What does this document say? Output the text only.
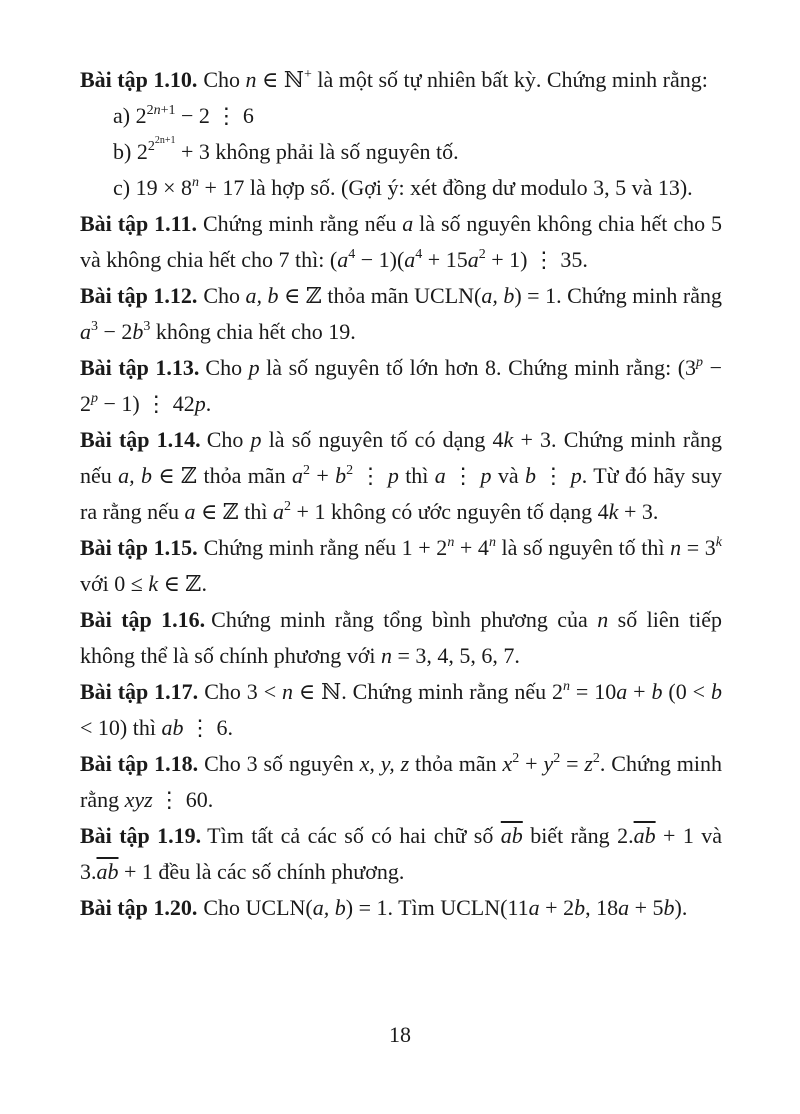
Bài tập 1.10. Cho n ∈ ℕ+ là một số tự nhiên bất kỳ. Chứng minh rằng:

a) $2^{2n+1} - 2$ ⋮ 6

b) $2^{22n+1} + 3$ không phải là số nguyên tố.

c) $19 \times 8^n + 17$ là hợp số. (Gợi ý: xét đồng dư modulo 3, 5 và 13).

Bài tập 1.11. Chứng minh rằng nếu a là số nguyên không chia hết cho 5 và không chia hết cho 7 thì: $(a^4 - 1)(a^4 + 15a^2 + 1)$ ⋮ 35.

Bài tập 1.12. Cho a, b ∈ ℤ thỏa mãn UCLN(a, b) = 1. Chứng minh rằng $a^3 - 2b^3$ không chia hết cho 19.

Bài tập 1.13. Cho p là số nguyên tố lớn hơn 8. Chứng minh rằng: $(3^p - 2^p - 1)$ ⋮ 42p.

Bài tập 1.14. Cho p là số nguyên tố có dạng 4k + 3. Chứng minh rằng nếu a, b ∈ ℤ thỏa mãn $a^2 + b^2$ ⋮ p thì a ⋮ p và b ⋮ p. Từ đó hãy suy ra rằng nếu a ∈ ℤ thì $a^2 + 1$ không có ước nguyên tố dạng 4k + 3.

Bài tập 1.15. Chứng minh rằng nếu $1 + 2^n + 4^n$ là số nguyên tố thì $n = 3^k$ với 0 ≤ k ∈ ℤ.

Bài tập 1.16. Chứng minh rằng tổng bình phương của n số liên tiếp không thể là số chính phương với n = 3, 4, 5, 6, 7.

Bài tập 1.17. Cho 3 < n ∈ ℕ. Chứng minh rằng nếu $2^n = 10a + b$ (0 < b < 10) thì ab ⋮ 6.

Bài tập 1.18. Cho 3 số nguyên x, y, z thỏa mãn $x^2 + y^2 = z^2$. Chứng minh rằng xyz ⋮ 60.

Bài tập 1.19. Tìm tất cả các số có hai chữ số $\overline{ab}$ biết rằng $2.\overline{ab} + 1$ và $3.\overline{ab} + 1$ đều là các số chính phương.

Bài tập 1.20. Cho UCLN(a, b) = 1. Tìm UCLN(11a + 2b, 18a + 5b).

18
